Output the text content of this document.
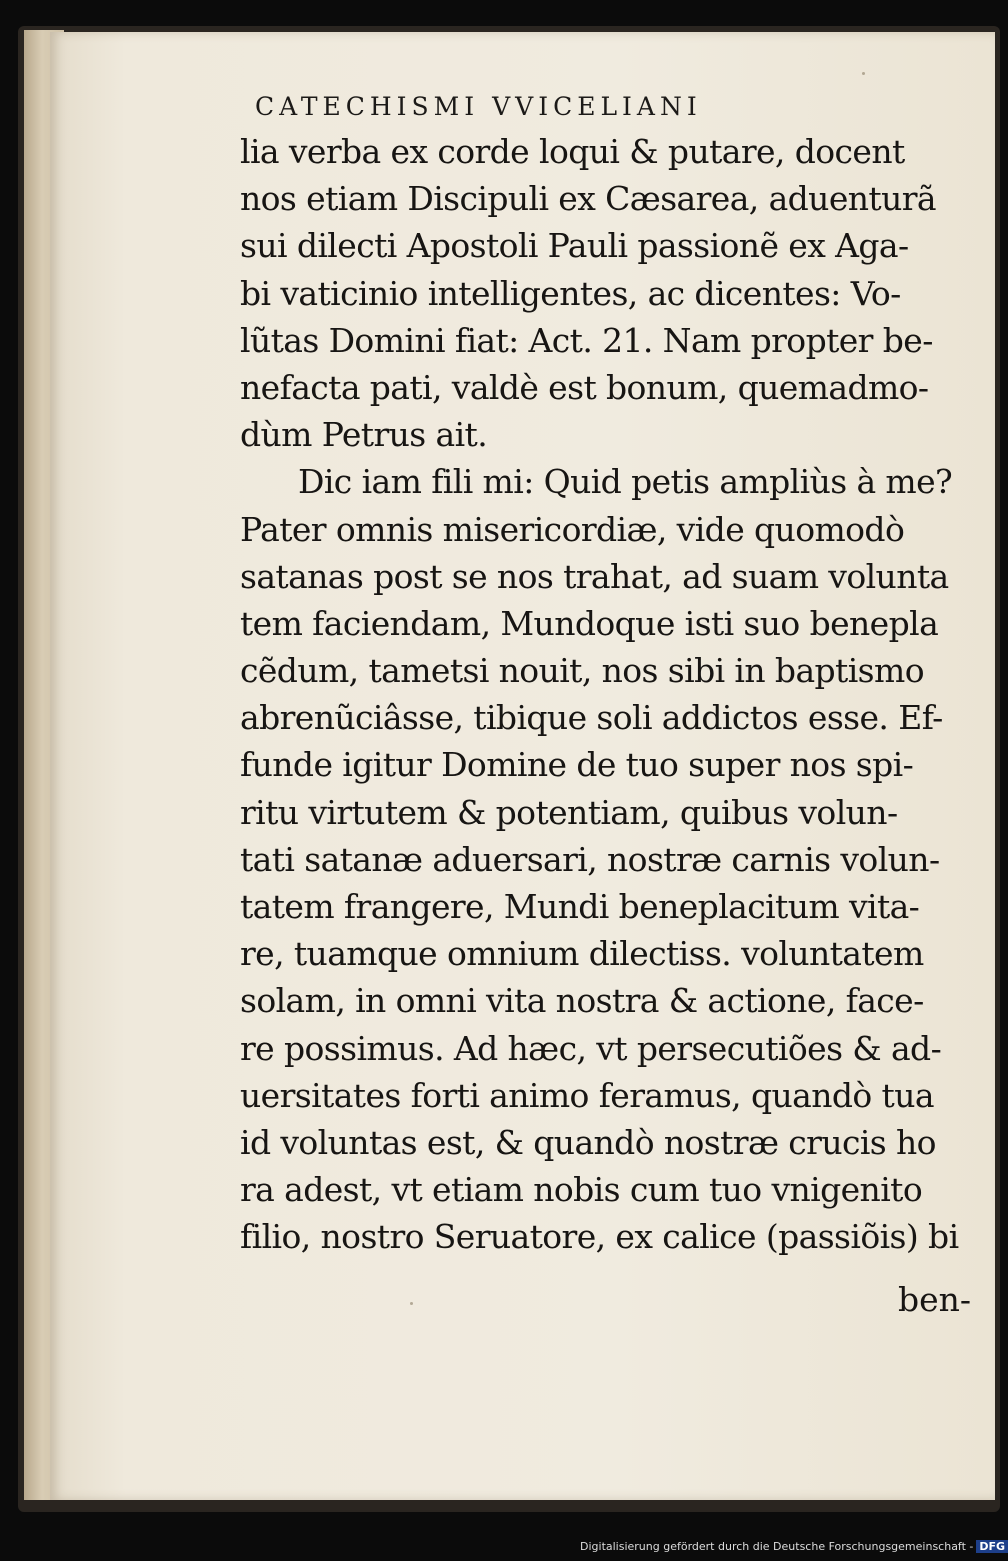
CATECHISMI VVICELIANI
lia verba ex corde loqui & putare, docent
nos etiam Discipuli ex Cæsarea, aduenturã
sui dilecti Apostoli Pauli passionẽ ex Aga-
bi vaticinio intelligentes, ac dicentes: Vo-
lũtas Domini fiat: Act. 21. Nam propter be-
nefacta pati, valdè est bonum, quemadmo-
dùm Petrus ait.
Dic iam fili mi: Quid petis ampliùs à me?
Pater omnis misericordiæ, vide quomodò
satanas post se nos trahat, ad suam volunta
tem faciendam, Mundoque isti suo benepla
cẽdum, tametsi nouit, nos sibi in baptismo
abrenũciâsse, tibique soli addictos esse. Ef-
funde igitur Domine de tuo super nos spi-
ritu virtutem & potentiam, quibus volun-
tati satanæ aduersari, nostræ carnis volun-
tatem frangere, Mundi beneplacitum vita-
re, tuamque omnium dilectiss. voluntatem
solam, in omni vita nostra & actione, face-
re possimus. Ad hæc, vt persecutiões & ad-
uersitates forti animo feramus, quandò tua
id voluntas est, & quandò nostræ crucis ho
ra adest, vt etiam nobis cum tuo vnigenito
filio, nostro Seruatore, ex calice (passiõis) bi
ben-
Digitalisierung gefördert durch die Deutsche Forschungsgemeinschaft - DFG
